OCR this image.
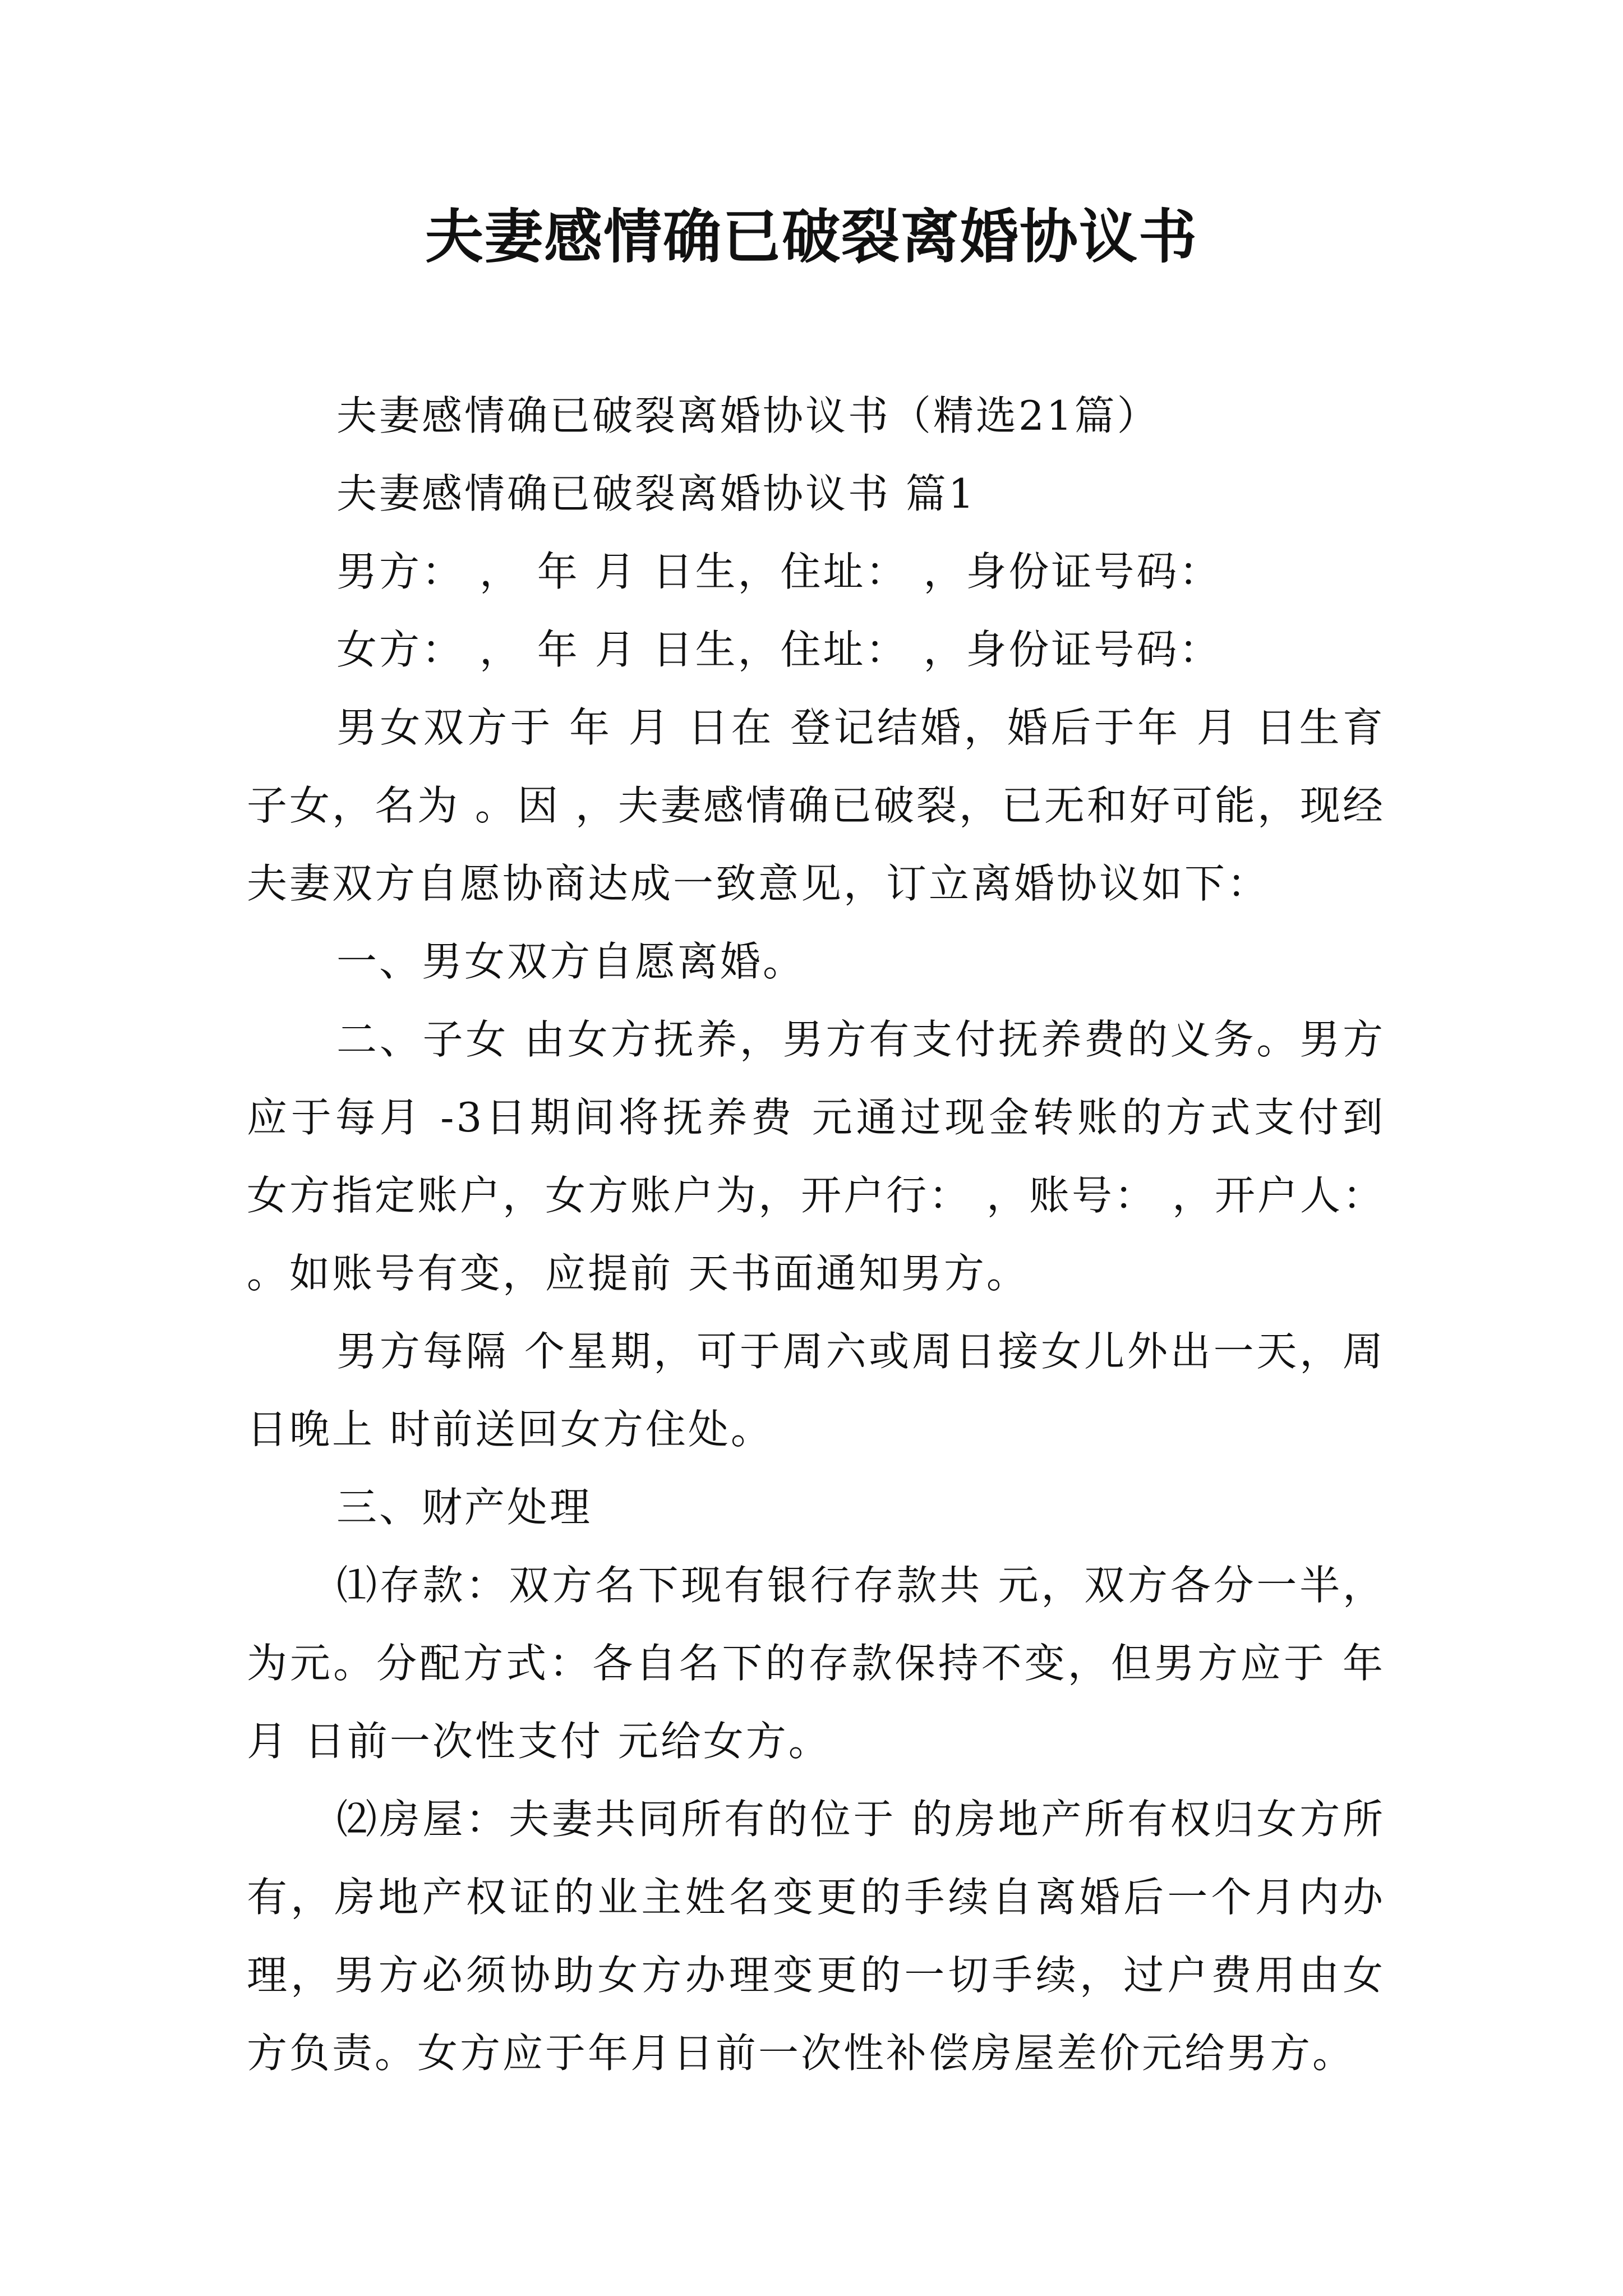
夫妻感情确已破裂离婚协议书

夫妻感情确已破裂离婚协议书（精选21篇）

夫妻感情确已破裂离婚协议书 篇1

男方： ， 年 月 日生，住址： ，身份证号码：

女方： ， 年 月 日生，住址： ，身份证号码：

男女双方于 年 月 日在 登记结婚，婚后于年 月 日生育子女，名为 。因 ，夫妻感情确已破裂，已无和好可能，现经夫妻双方自愿协商达成一致意见，订立离婚协议如下：

一、男女双方自愿离婚。

二、子女 由女方抚养，男方有支付抚养费的义务。男方应于每月 -3日期间将抚养费 元通过现金转账的方式支付到女方指定账户，女方账户为，开户行： ，账号： ，开户人： 。如账号有变，应提前 天书面通知男方。

男方每隔 个星期，可于周六或周日接女儿外出一天，周日晚上 时前送回女方住处。

三、财产处理

⑴存款：双方名下现有银行存款共 元，双方各分一半，为元。分配方式：各自名下的存款保持不变，但男方应于 年 月 日前一次性支付 元给女方。

⑵房屋：夫妻共同所有的位于 的房地产所有权归女方所有，房地产权证的业主姓名变更的手续自离婚后一个月内办理，男方必须协助女方办理变更的一切手续，过户费用由女方负责。女方应于年月日前一次性补偿房屋差价元给男方。
